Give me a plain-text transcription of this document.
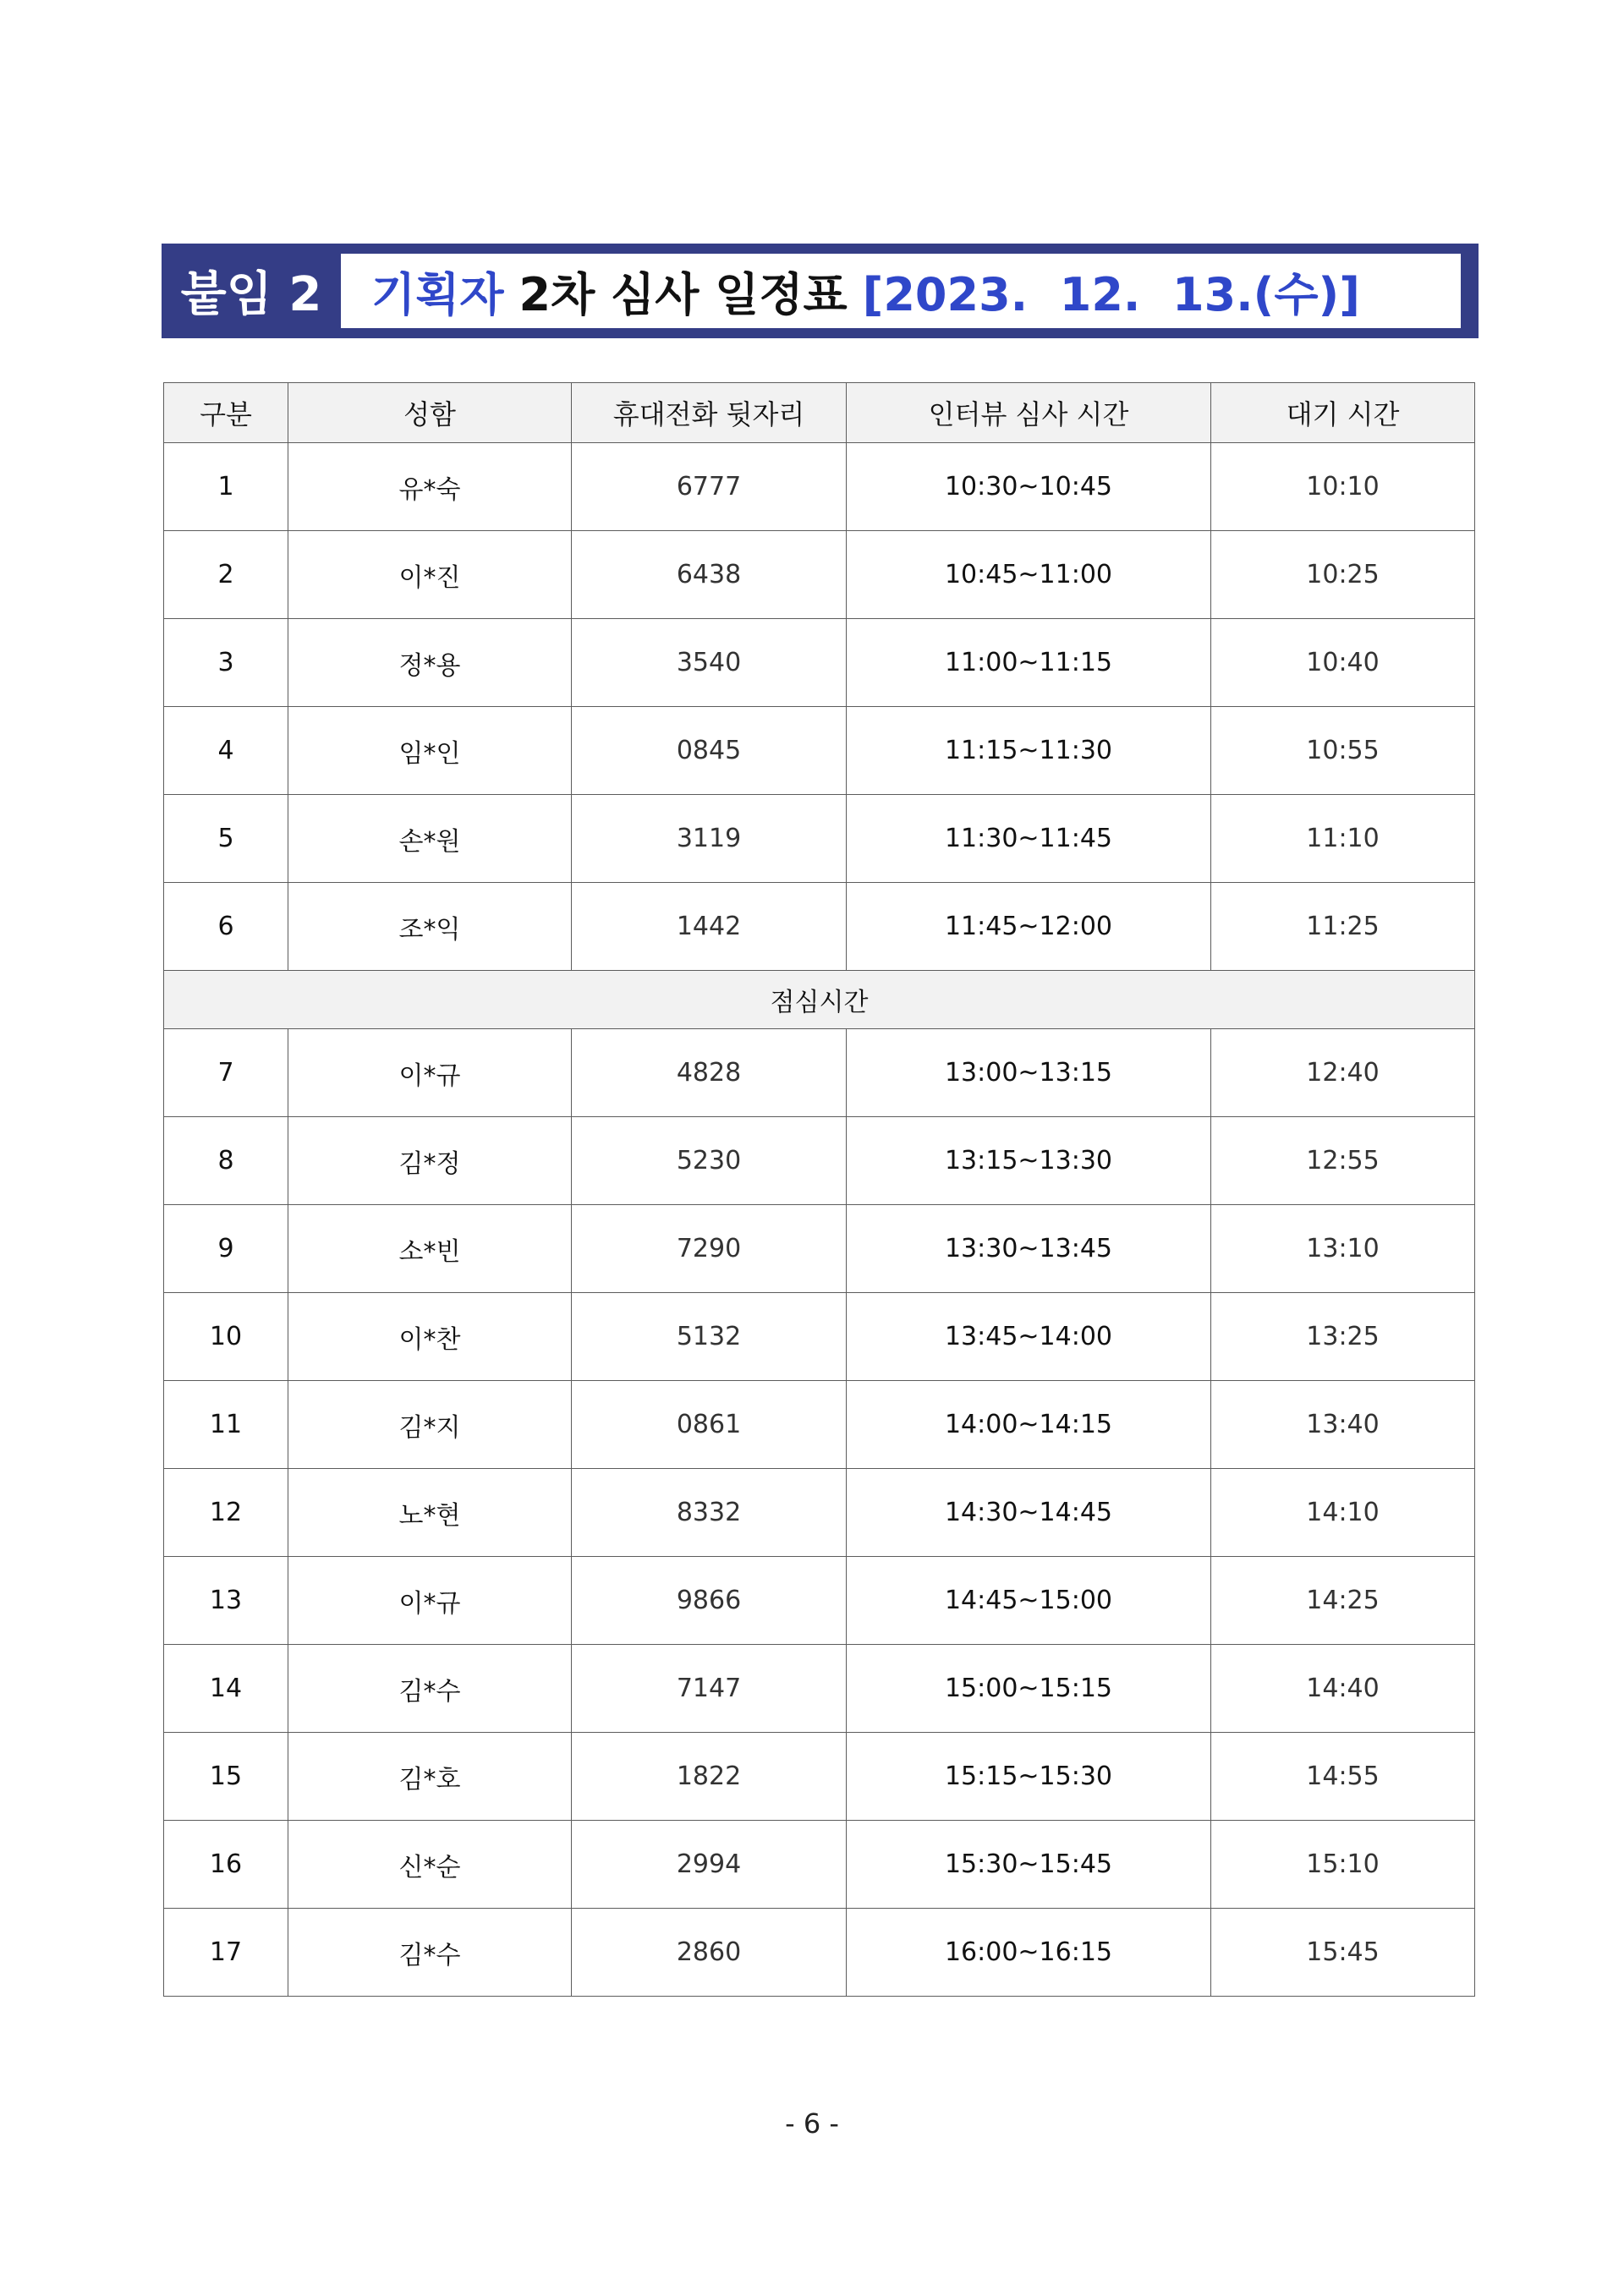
붙임 2	기획자 2차 심사 일정표 [2023.  12.  13.(수)]
구분	성함	휴대전화 뒷자리	인터뷰 심사 시간	대기 시간
1	유*숙	6777	10:30~10:45	10:10
2	이*진	6438	10:45~11:00	10:25
3	정*용	3540	11:00~11:15	10:40
4	임*인	0845	11:15~11:30	10:55
5	손*원	3119	11:30~11:45	11:10
6	조*익	1442	11:45~12:00	11:25
점심시간				
7	이*규	4828	13:00~13:15	12:40
8	김*정	5230	13:15~13:30	12:55
9	소*빈	7290	13:30~13:45	13:10
10	이*찬	5132	13:45~14:00	13:25
11	김*지	0861	14:00~14:15	13:40
12	노*현	8332	14:30~14:45	14:10
13	이*규	9866	14:45~15:00	14:25
14	김*수	7147	15:00~15:15	14:40
15	김*호	1822	15:15~15:30	14:55
16	신*순	2994	15:30~15:45	15:10
17	김*수	2860	16:00~16:15	15:45
- 6 -
